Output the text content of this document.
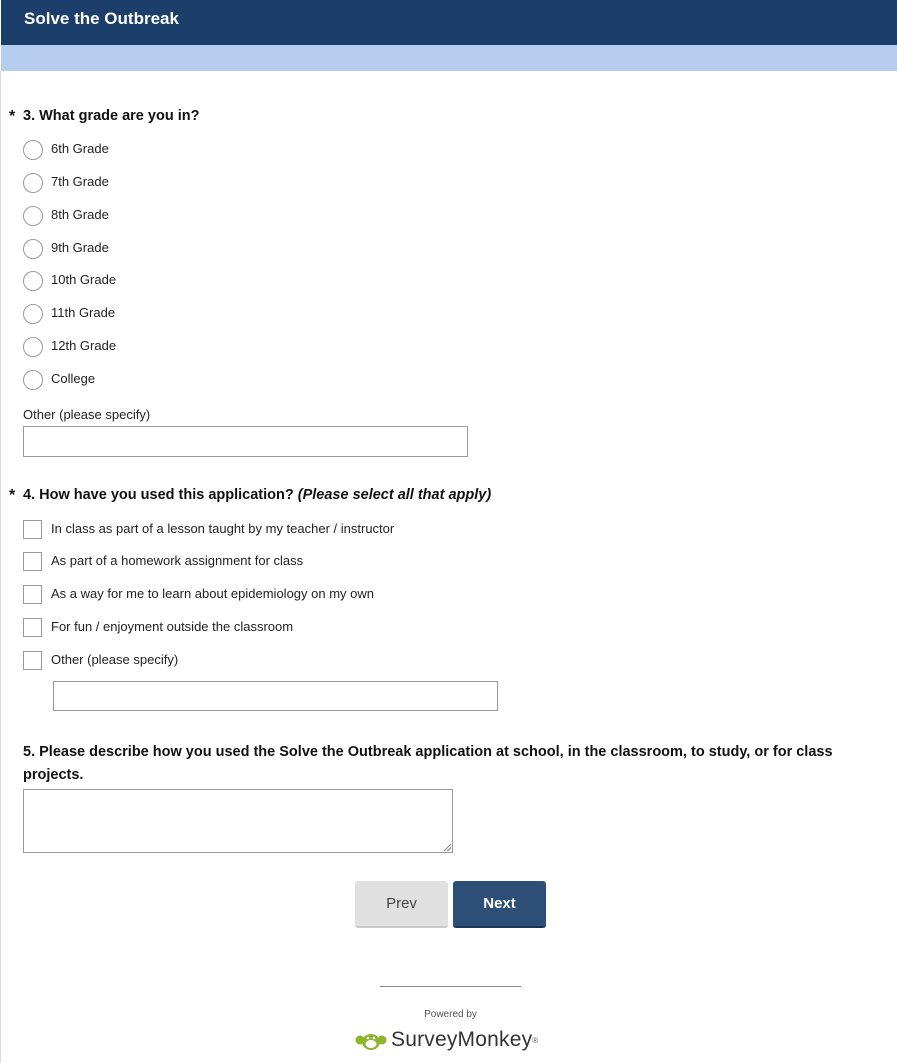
Solve the Outbreak
* 3. What grade are you in?
6th Grade
7th Grade
8th Grade
9th Grade
10th Grade
11th Grade
12th Grade
College
Other (please specify)
* 4. How have you used this application? (Please select all that apply)
In class as part of a lesson taught by my teacher / instructor
As part of a homework assignment for class
As a way for me to learn about epidemiology on my own
For fun / enjoyment outside the classroom
Other (please specify)
5. Please describe how you used the Solve the Outbreak application at school, in the classroom, to study, or for class projects.
Prev	Next
Powered by
SurveyMonkey ®
